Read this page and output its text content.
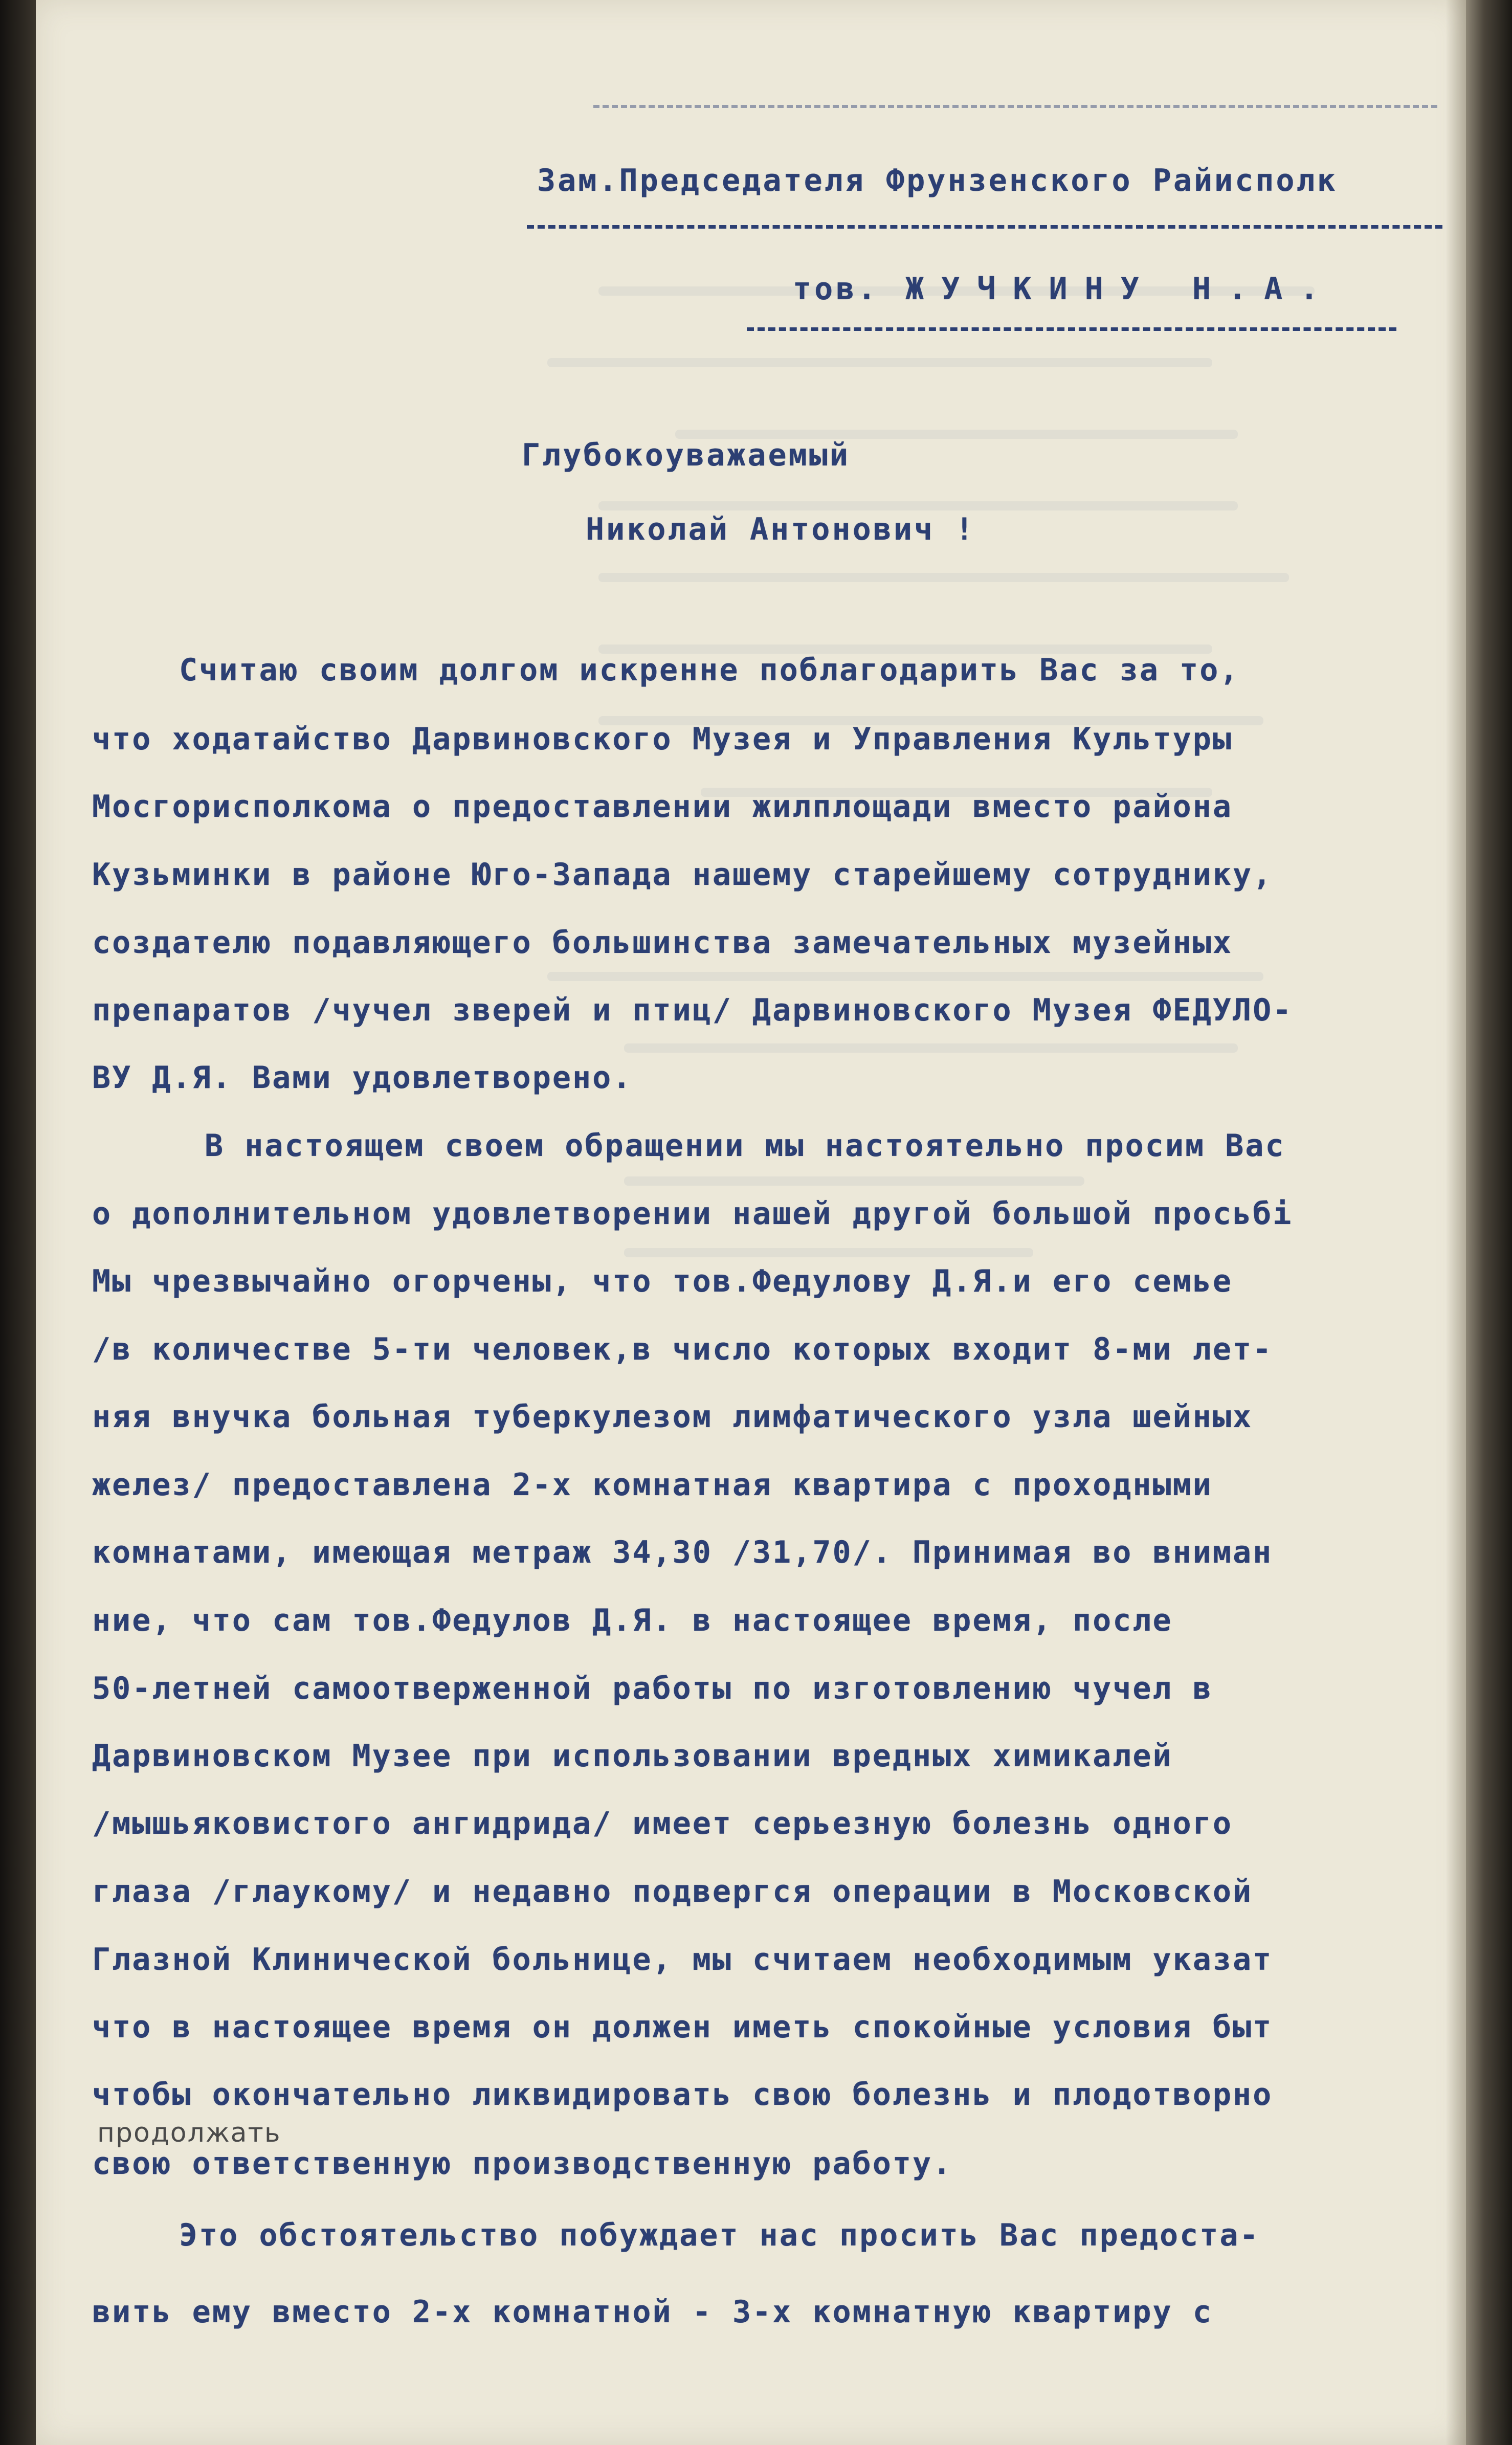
Зам.Председателя Фрунзенского Райисполк

тов. ЖУЧКИНУ Н.А.

Глубокоуважаемый

Николай Антонович !

Считаю своим долгом искренне поблагодарить Вас за то,

что ходатайство Дарвиновского Музея и Управления Культуры

Мосгорисполкома о предоставлении жилплощади вместо района

Кузьминки в районе Юго-Запада нашему старейшему сотруднику,

создателю подавляющего большинства замечательных музейных

препаратов /чучел зверей и птиц/ Дарвиновского Музея ФЕДУЛО-

ВУ Д.Я. Вами удовлетворено.

В настоящем своем обращении мы настоятельно просим Вас

о дополнительном удовлетворении нашей другой большой просьбі

Мы чрезвычайно огорчены, что тов.Федулову Д.Я.и его семье

/в количестве 5-ти человек,в число которых входит 8-ми лет-

няя внучка больная туберкулезом лимфатического узла шейных

желез/ предоставлена 2-х комнатная квартира с проходными

комнатами, имеющая метраж 34,30 /31,70/. Принимая во вниман

ние, что сам тов.Федулов Д.Я. в настоящее время, после

50-летней самоотверженной работы по изготовлению чучел в

Дарвиновском Музее при использовании вредных химикалей

/мышьяковистого ангидрида/ имеет серьезную болезнь одного

глаза /глаукому/ и недавно подвергся операции в Московской

Глазной Клинической больнице, мы считаем необходимым указат

что в настоящее время он должен иметь спокойные условия быт

чтобы окончательно ликвидировать свою болезнь и плодотворно

продолжать

свою ответственную производственную работу.

Это обстоятельство побуждает нас просить Вас предоста-

вить ему вместо 2-х комнатной - 3-х комнатную квартиру с
